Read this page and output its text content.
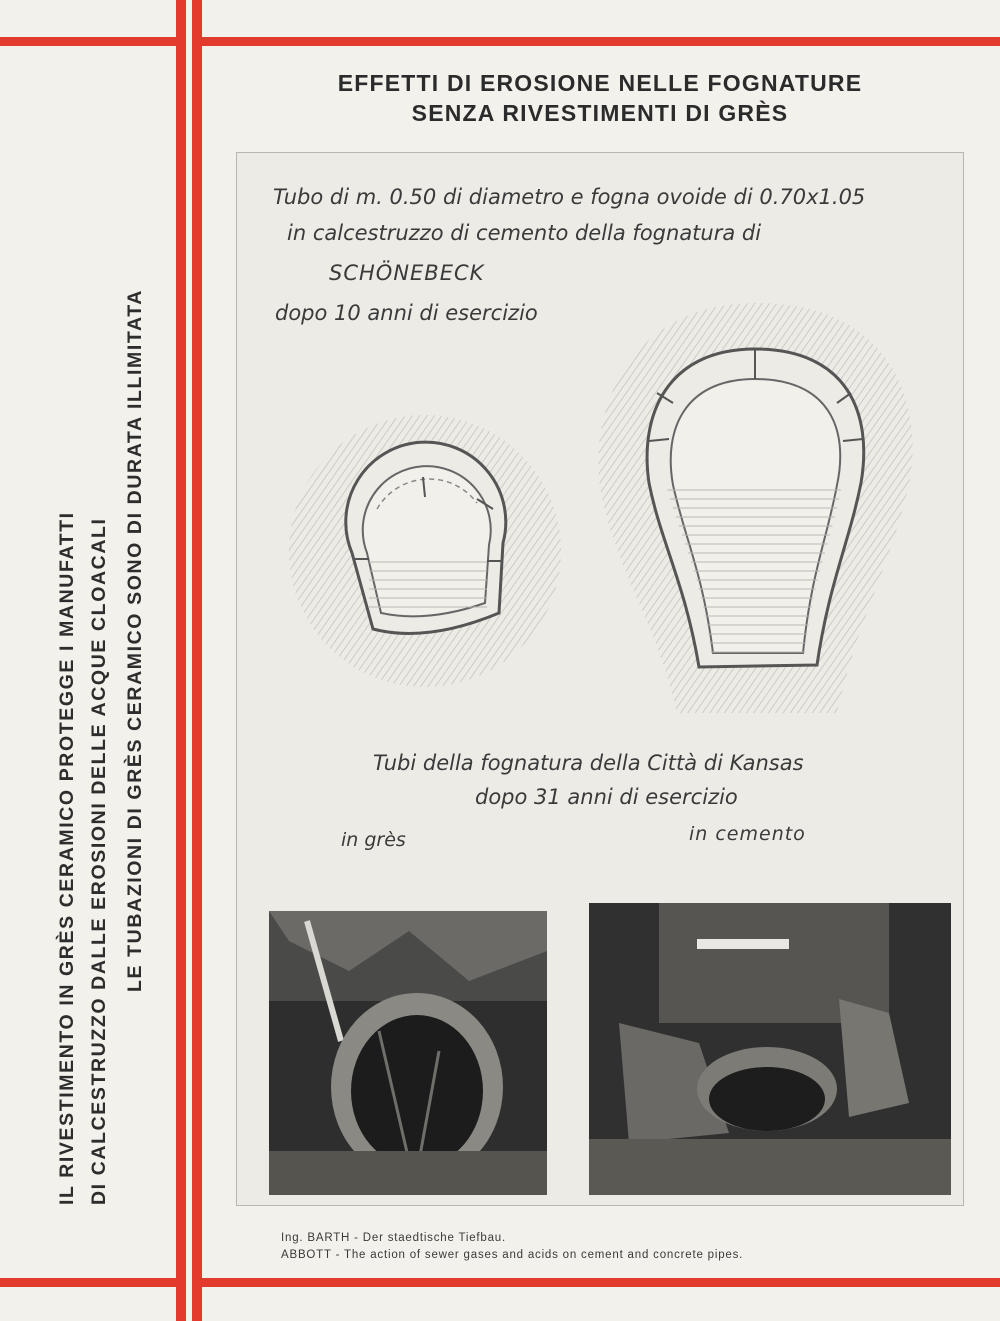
IL RIVESTIMENTO IN GRÈS CERAMICO PROTEGGE I MANUFATTI DI CALCESTRUZZO DALLE EROSIONI DELLE ACQUE CLOACALI LE TUBAZIONI DI GRÈS CERAMICO SONO DI DURATA ILLIMITATA
EFFETTI DI EROSIONE NELLE FOGNATURE
SENZA RIVESTIMENTI DI GRÈS
Tubo di m. 0.50 di diametro e fogna ovoide di 0.70x1.05
in calcestruzzo di cemento della fognatura di
SCHÖNEBECK
dopo 10 anni di esercizio
Tubi della fognatura della Città di Kansas
dopo 31 anni di esercizio
in grès	in cemento
Ing. BARTH - Der staedtische Tiefbau.
ABBOTT - The action of sewer gases and acids on cement and concrete pipes.
